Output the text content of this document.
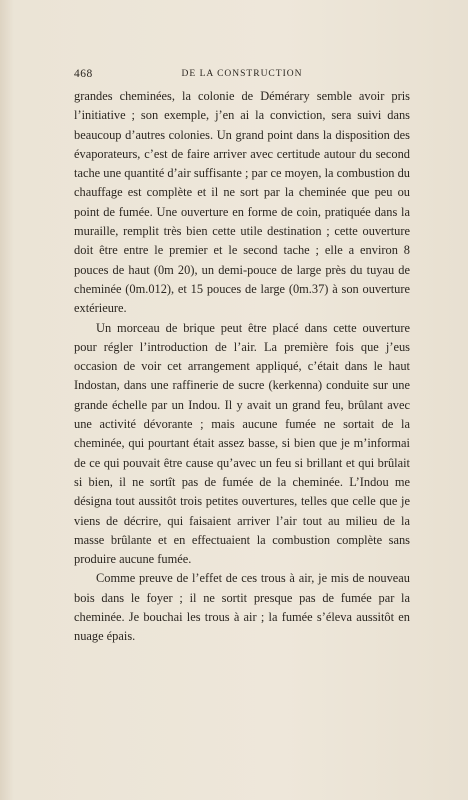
468	DE LA CONSTRUCTION

grandes cheminées, la colonie de Démérary semble avoir pris l’initiative ; son exemple, j’en ai la conviction, sera suivi dans beaucoup d’autres colonies. Un grand point dans la disposition des évaporateurs, c’est de faire arriver avec certitude autour du second tache une quantité d’air suffisante ; par ce moyen, la combustion du chauffage est complète et il ne sort par la cheminée que peu ou point de fumée. Une ouverture en forme de coin, pratiquée dans la muraille, remplit très bien cette utile destination ; cette ouverture doit être entre le premier et le second tache ; elle a environ 8 pouces de haut (0m 20), un demi-pouce de large près du tuyau de cheminée (0m.012), et 15 pouces de large (0m.37) à son ouverture extérieure.

Un morceau de brique peut être placé dans cette ouverture pour régler l’introduction de l’air. La première fois que j’eus occasion de voir cet arrangement appliqué, c’était dans le haut Indostan, dans une raffinerie de sucre (kerkenna) conduite sur une grande échelle par un Indou. Il y avait un grand feu, brûlant avec une activité dévorante ; mais aucune fumée ne sortait de la cheminée, qui pourtant était assez basse, si bien que je m’informai de ce qui pouvait être cause qu’avec un feu si brillant et qui brûlait si bien, il ne sortît pas de fumée de la cheminée. L’Indou me désigna tout aussitôt trois petites ouvertures, telles que celle que je viens de décrire, qui faisaient arriver l’air tout au milieu de la masse brûlante et en effectuaient la combustion complète sans produire aucune fumée.

Comme preuve de l’effet de ces trous à air, je mis de nouveau bois dans le foyer ; il ne sortit presque pas de fumée par la cheminée. Je bouchai les trous à air ; la fumée s’éleva aussitôt en nuage épais.
